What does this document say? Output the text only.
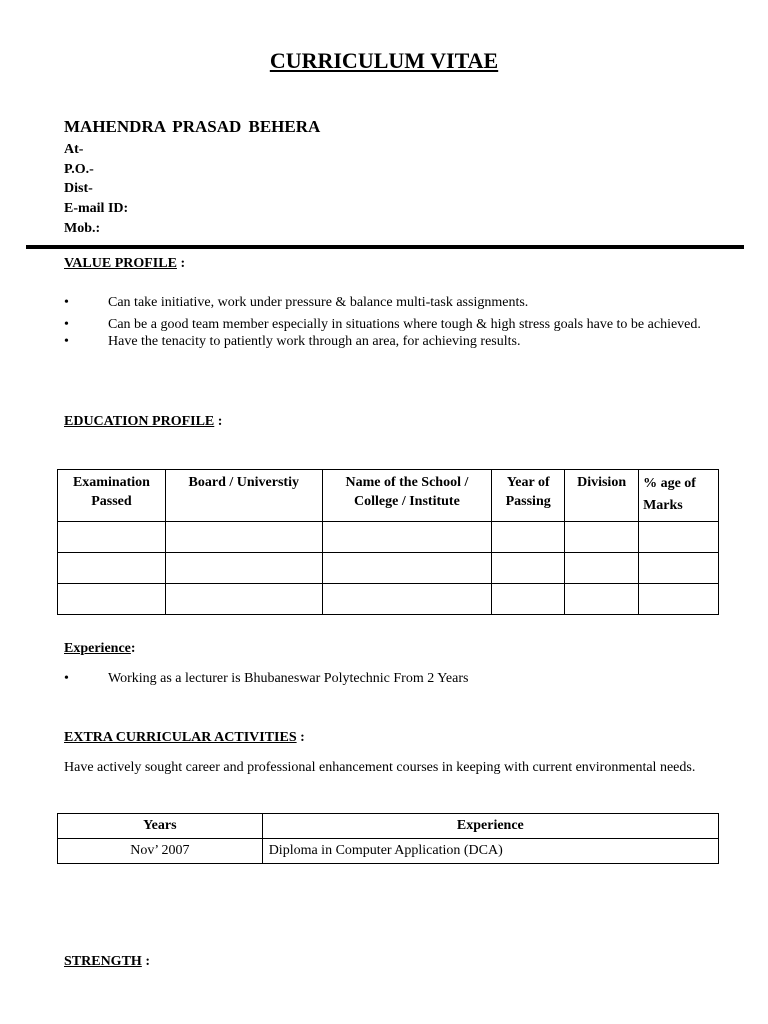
CURRICULUM VITAE
MAHENDRA PRASAD BEHERA
At-
P.O.-
Dist-
E-mail ID:
Mob.:
VALUE PROFILE :
•	Can take initiative, work under pressure & balance multi-task assignments.
•	Can be a good team member especially in situations where tough & high stress goals have to be achieved.
•	Have the tenacity to patiently work through an area, for achieving results.
EDUCATION PROFILE :
Examination Passed	Board / Universtiy	Name of the School / College / Institute	Year of Passing	Division	% age of Marks

Experience:
•	Working as a lecturer is Bhubaneswar Polytechnic From 2 Years
EXTRA CURRICULAR ACTIVITIES :
Have actively sought career and professional enhancement courses in keeping with current environmental needs.
Years	Experience
Nov’ 2007	Diploma in Computer Application (DCA)
STRENGTH :
